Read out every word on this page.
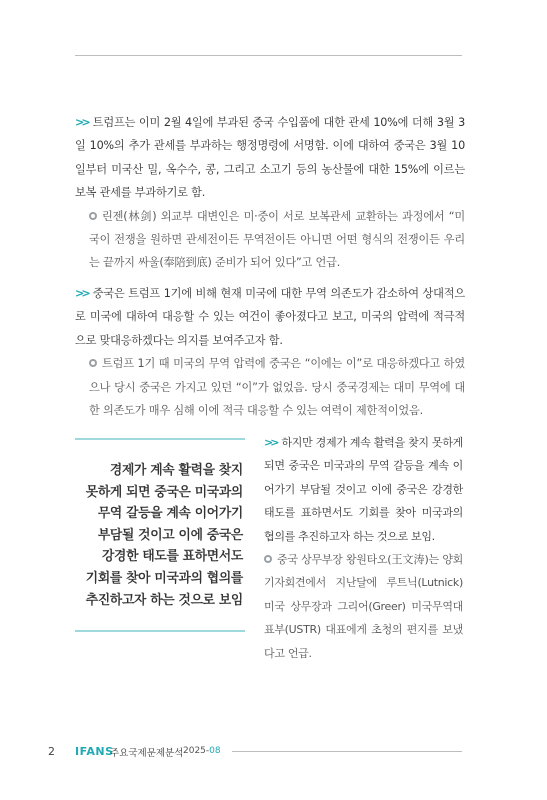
>> 트럼프는 이미 2월 4일에 부과된 중국 수입품에 대한 관세 10%에 더해 3월 3일 10%의 추가 관세를 부과하는 행정명령에 서명함. 이에 대하여 중국은 3월 10일부터 미국산 밀, 옥수수, 콩, 그리고 소고기 등의 농산물에 대한 15%에 이르는 보복 관세를 부과하기로 함.

린젠(林剑) 외교부 대변인은 미·중이 서로 보복관세 교환하는 과정에서 “미국이 전쟁을 원하면 관세전이든 무역전이든 아니면 어떤 형식의 전쟁이든 우리는 끝까지 싸울(奉陪到底) 준비가 되어 있다”고 언급.

>> 중국은 트럼프 1기에 비해 현재 미국에 대한 무역 의존도가 감소하여 상대적으로 미국에 대하여 대응할 수 있는 여건이 좋아졌다고 보고, 미국의 압력에 적극적으로 맞대응하겠다는 의지를 보여주고자 함.

트럼프 1기 때 미국의 무역 압력에 중국은 “이에는 이”로 대응하겠다고 하였으나 당시 중국은 가지고 있던 “이”가 없었음. 당시 중국경제는 대미 무역에 대한 의존도가 매우 심해 이에 적극 대응할 수 있는 여력이 제한적이었음.

경제가 계속 활력을 찾지
못하게 되면 중국은 미국과의
무역 갈등을 계속 이어가기
부담될 것이고 이에 중국은
강경한 태도를 표하면서도
기회를 찾아 미국과의 협의를
추진하고자 하는 것으로 보임

>> 하지만 경제가 계속 활력을 찾지 못하게 되면 중국은 미국과의 무역 갈등을 계속 이어가기 부담될 것이고 이에 중국은 강경한 태도를 표하면서도 기회를 찾아 미국과의 협의를 추진하고자 하는 것으로 보임.

중국 상무부장 왕원타오(王文涛)는 양회 기자회견에서 지난달에 루트닉(Lutnick) 미국 상무장과 그리어(Greer) 미국무역대표부(USTR) 대표에게 초청의 편지를 보냈다고 언급.

2 IFANS
주요국제문제분석 2025-08
